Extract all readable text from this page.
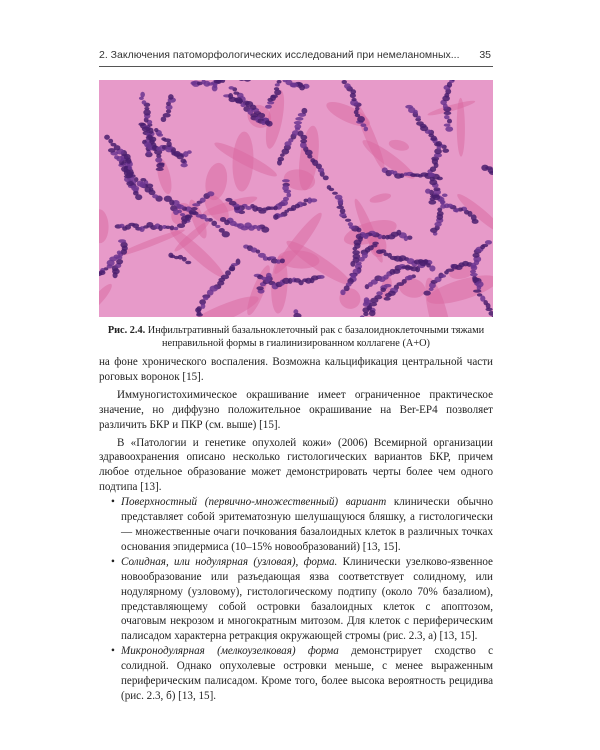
2. Заключения патоморфологических исследований при немеланомных... 35
Рис. 2.4. Инфильтративный базальноклеточный рак с базалоидноклеточными тяжами неправильной формы в гиалинизированном коллагене (А+О)

на фоне хронического воспаления. Возможна кальцификация центральной части роговых воронок [15].

Иммуногистохимическое окрашивание имеет ограниченное практическое значение, но диффузно положительное окрашивание на Ber-EP4 позволяет различить БКР и ПКР (см. выше) [15].

В «Патологии и генетике опухолей кожи» (2006) Всемирной организации здравоохранения описано несколько гистологических вариантов БКР, причем любое отдельное образование может демонстрировать черты более чем одного подтипа [13].

• Поверхностный (первично-множественный) вариант клинически обычно представляет собой эритематозную шелушащуюся бляшку, а гистологически — множественные очаги почкования базалоидных клеток в различных точках основания эпидермиса (10–15% новообразований) [13, 15].
• Солидная, или нодулярная (узловая), форма. Клинически узелково-язвенное новообразование или разъедающая язва соответствует солидному, или нодулярному (узловому), гистологическому подтипу (около 70% базалиом), представляющему собой островки базалоидных клеток с апоптозом, очаговым некрозом и многократным митозом. Для клеток с периферическим палисадом характерна ретракция окружающей стромы (рис. 2.3, а) [13, 15].
• Микронодулярная (мелкоузелковая) форма демонстрирует сходство с солидной. Однако опухолевые островки меньше, с менее выраженным периферическим палисадом. Кроме того, более высока вероятность рецидива (рис. 2.3, б) [13, 15].
